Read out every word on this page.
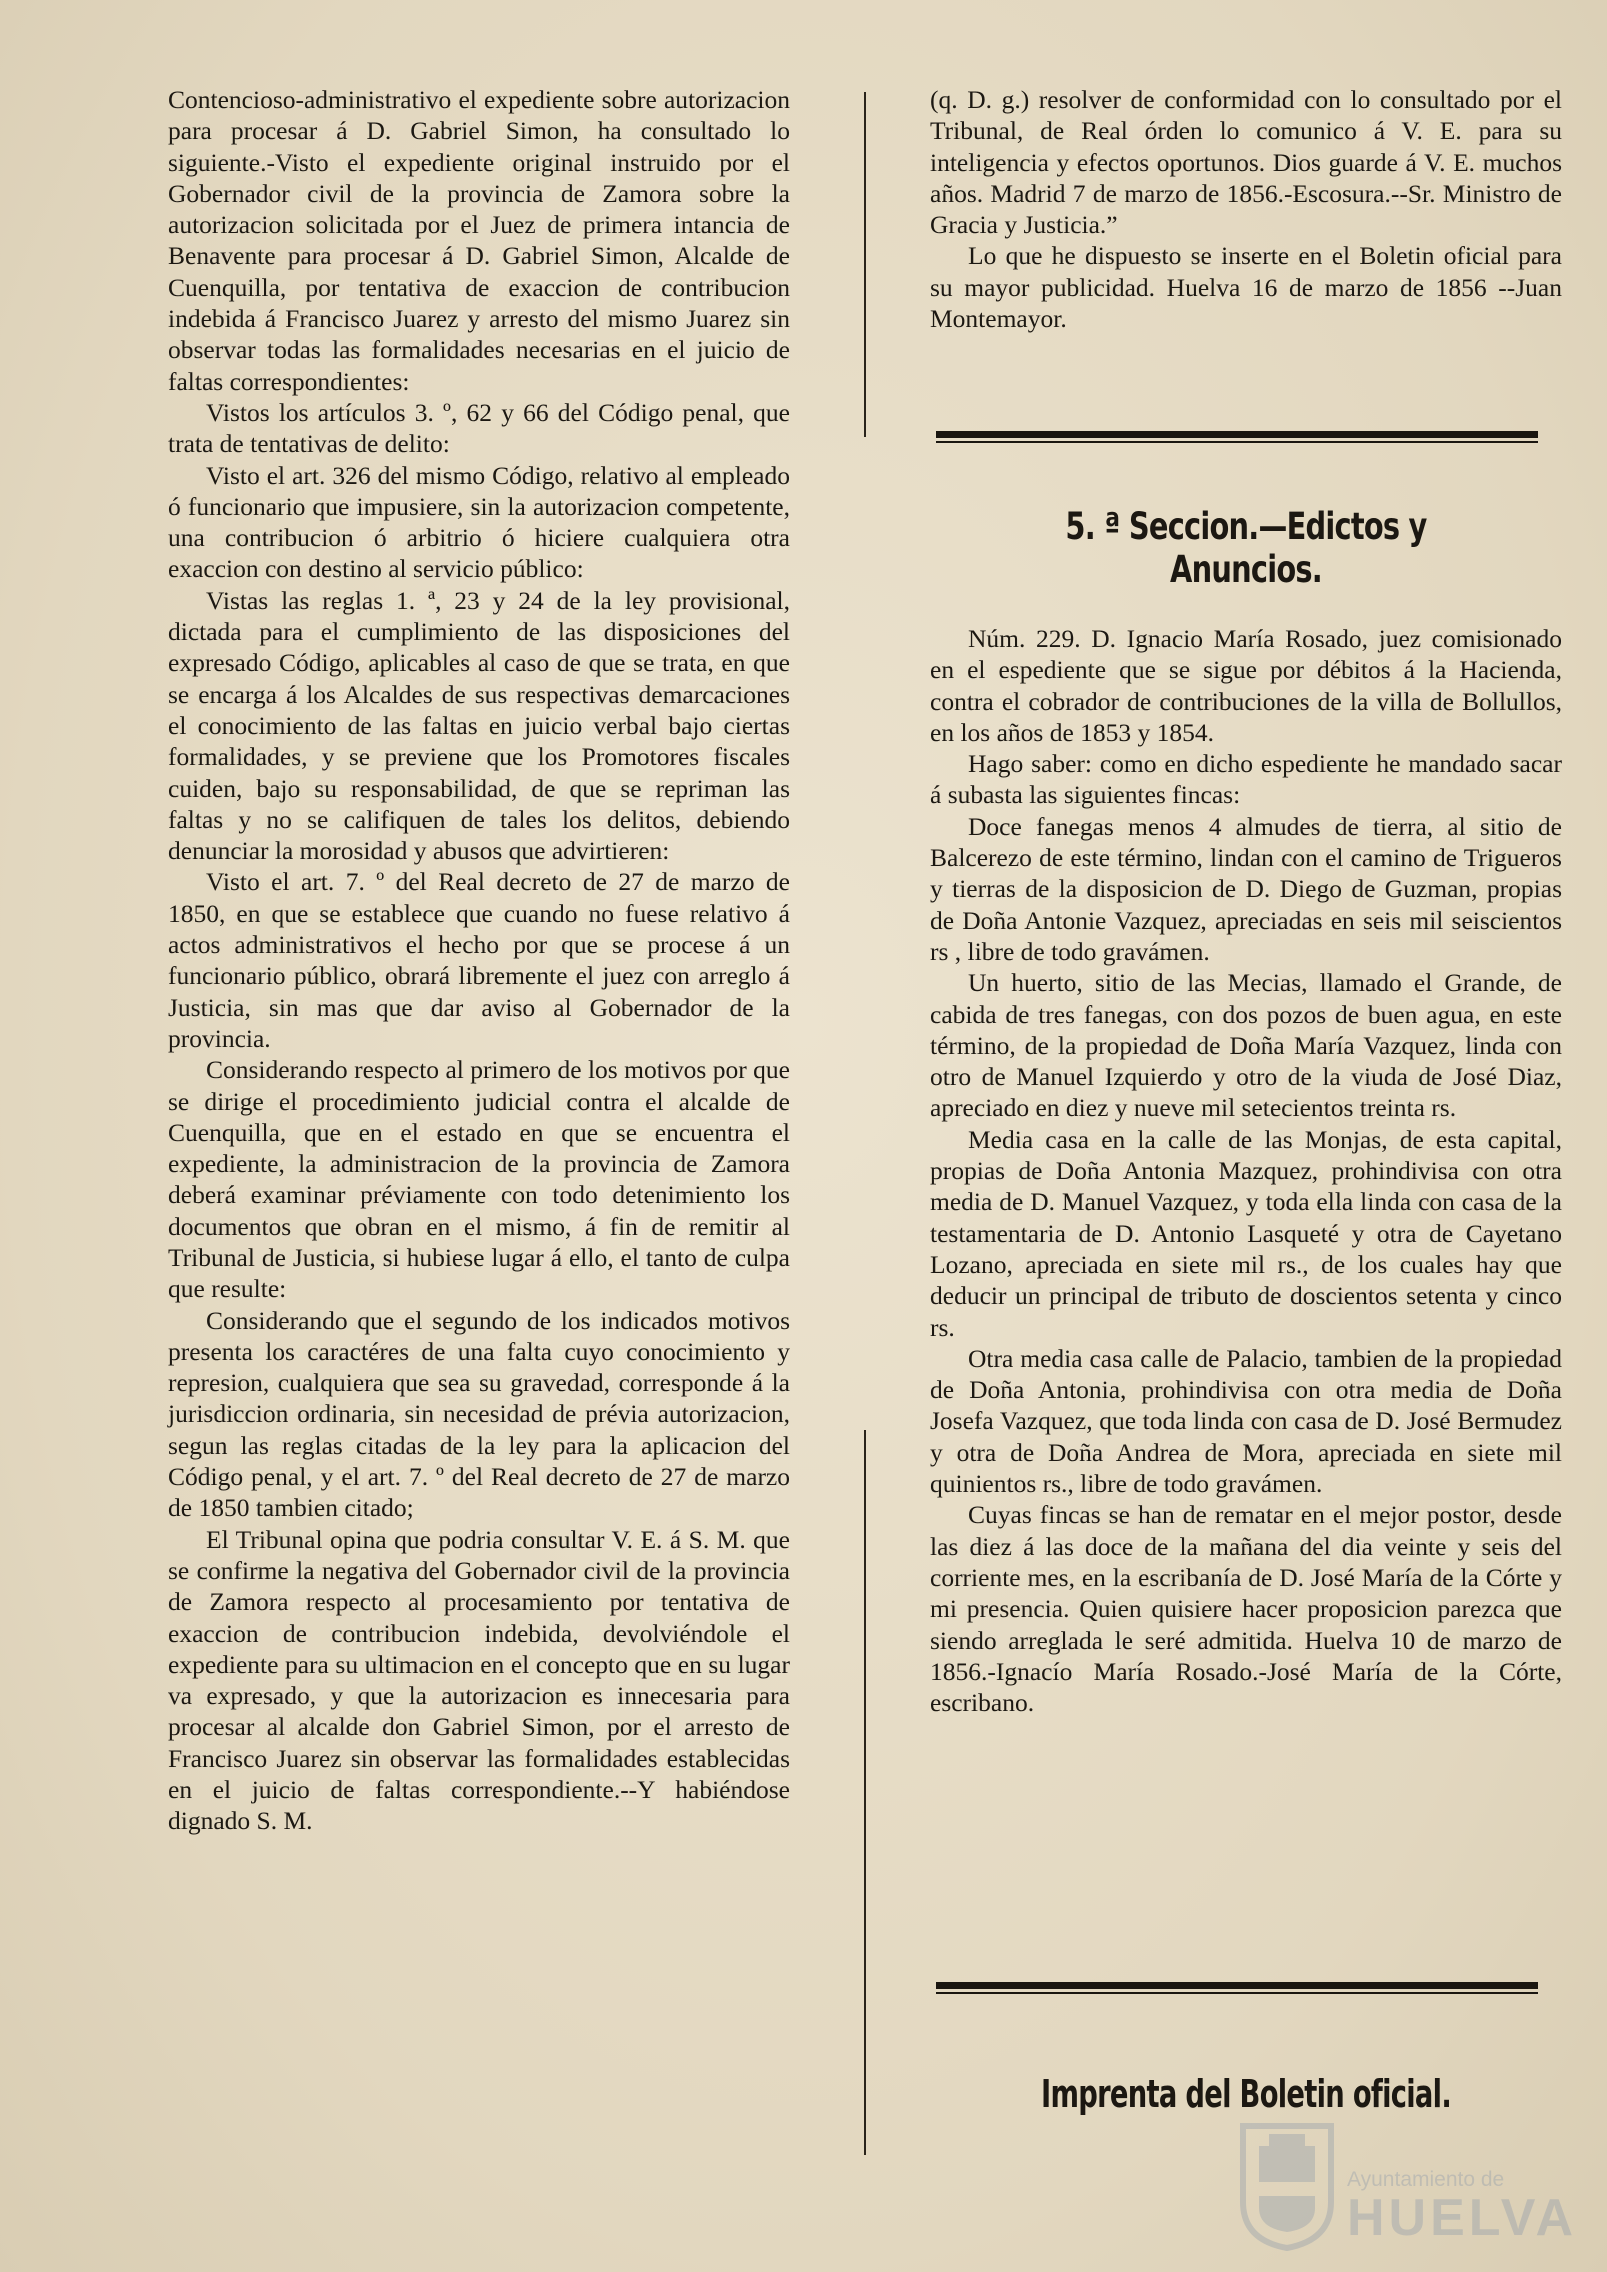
Contencioso-administrativo el expediente sobre autorizacion para procesar á D. Gabriel Simon, ha consultado lo siguiente.-Visto el expediente original instruido por el Gobernador civil de la provincia de Zamora sobre la autorizacion solicitada por el Juez de primera intancia de Benavente para procesar á D. Gabriel Simon, Alcalde de Cuenquilla, por tentativa de exaccion de contribucion indebida á Francisco Juarez y arresto del mismo Juarez sin observar todas las formalidades necesarias en el juicio de faltas correspondientes:

Vistos los artículos 3. º, 62 y 66 del Código penal, que trata de tentativas de delito:

Visto el art. 326 del mismo Código, relativo al empleado ó funcionario que impusiere, sin la autorizacion competente, una contribucion ó arbitrio ó hiciere cualquiera otra exaccion con destino al servicio público:

Vistas las reglas 1. ª, 23 y 24 de la ley provisional, dictada para el cumplimiento de las disposiciones del expresado Código, aplicables al caso de que se trata, en que se encarga á los Alcaldes de sus respectivas demarcaciones el conocimiento de las faltas en juicio verbal bajo ciertas formalidades, y se previene que los Promotores fiscales cuiden, bajo su responsabilidad, de que se repriman las faltas y no se califiquen de tales los delitos, debiendo denunciar la morosidad y abusos que advirtieren:

Visto el art. 7. º del Real decreto de 27 de marzo de 1850, en que se establece que cuando no fuese relativo á actos administrativos el hecho por que se procese á un funcionario público, obrará libremente el juez con arreglo á Justicia, sin mas que dar aviso al Gobernador de la provincia.

Considerando respecto al primero de los motivos por que se dirige el procedimiento judicial contra el alcalde de Cuenquilla, que en el estado en que se encuentra el expediente, la administracion de la provincia de Zamora deberá examinar préviamente con todo detenimiento los documentos que obran en el mismo, á fin de remitir al Tribunal de Justicia, si hubiese lugar á ello, el tanto de culpa que resulte:

Considerando que el segundo de los indicados motivos presenta los caractéres de una falta cuyo conocimiento y represion, cualquiera que sea su gravedad, corresponde á la jurisdiccion ordinaria, sin necesidad de prévia autorizacion, segun las reglas citadas de la ley para la aplicacion del Código penal, y el art. 7. º del Real decreto de 27 de marzo de 1850 tambien citado;

El Tribunal opina que podria consultar V. E. á S. M. que se confirme la negativa del Gobernador civil de la provincia de Zamora respecto al procesamiento por tentativa de exaccion de contribucion indebida, devolviéndole el expediente para su ultimacion en el concepto que en su lugar va expresado, y que la autorizacion es innecesaria para procesar al alcalde don Gabriel Simon, por el arresto de Francisco Juarez sin observar las formalidades establecidas en el juicio de faltas correspondiente.--Y habiéndose dignado S. M.

(q. D. g.) resolver de conformidad con lo consultado por el Tribunal, de Real órden lo comunico á V. E. para su inteligencia y efectos oportunos. Dios guarde á V. E. muchos años. Madrid 7 de marzo de 1856.-Escosura.--Sr. Ministro de Gracia y Justicia.”

Lo que he dispuesto se inserte en el Boletin oficial para su mayor publicidad. Huelva 16 de marzo de 1856 --Juan Montemayor.

5. ª Seccion.—Edictos y Anuncios.

Núm. 229. D. Ignacio María Rosado, juez comisionado en el espediente que se sigue por débitos á la Hacienda, contra el cobrador de contribuciones de la villa de Bollullos, en los años de 1853 y 1854.

Hago saber: como en dicho espediente he mandado sacar á subasta las siguientes fincas:

Doce fanegas menos 4 almudes de tierra, al sitio de Balcerezo de este término, lindan con el camino de Trigueros y tierras de la disposicion de D. Diego de Guzman, propias de Doña Antonie Vazquez, apreciadas en seis mil seiscientos rs , libre de todo gravámen.

Un huerto, sitio de las Mecias, llamado el Grande, de cabida de tres fanegas, con dos pozos de buen agua, en este término, de la propiedad de Doña María Vazquez, linda con otro de Manuel Izquierdo y otro de la viuda de José Diaz, apreciado en diez y nueve mil setecientos treinta rs.

Media casa en la calle de las Monjas, de esta capital, propias de Doña Antonia Mazquez, prohindivisa con otra media de D. Manuel Vazquez, y toda ella linda con casa de la testamentaria de D. Antonio Lasqueté y otra de Cayetano Lozano, apreciada en siete mil rs., de los cuales hay que deducir un principal de tributo de doscientos setenta y cinco rs.

Otra media casa calle de Palacio, tambien de la propiedad de Doña Antonia, prohindivisa con otra media de Doña Josefa Vazquez, que toda linda con casa de D. José Bermudez y otra de Doña Andrea de Mora, apreciada en siete mil quinientos rs., libre de todo gravámen.

Cuyas fincas se han de rematar en el mejor postor, desde las diez á las doce de la mañana del dia veinte y seis del corriente mes, en la escribanía de D. José María de la Córte y mi presencia. Quien quisiere hacer proposicion parezca que siendo arreglada le seré admitida. Huelva 10 de marzo de 1856.-Ignacío María Rosado.-José María de la Córte, escribano.

Imprenta del Boletin oficial.
Ayuntamiento de
HUELVA
